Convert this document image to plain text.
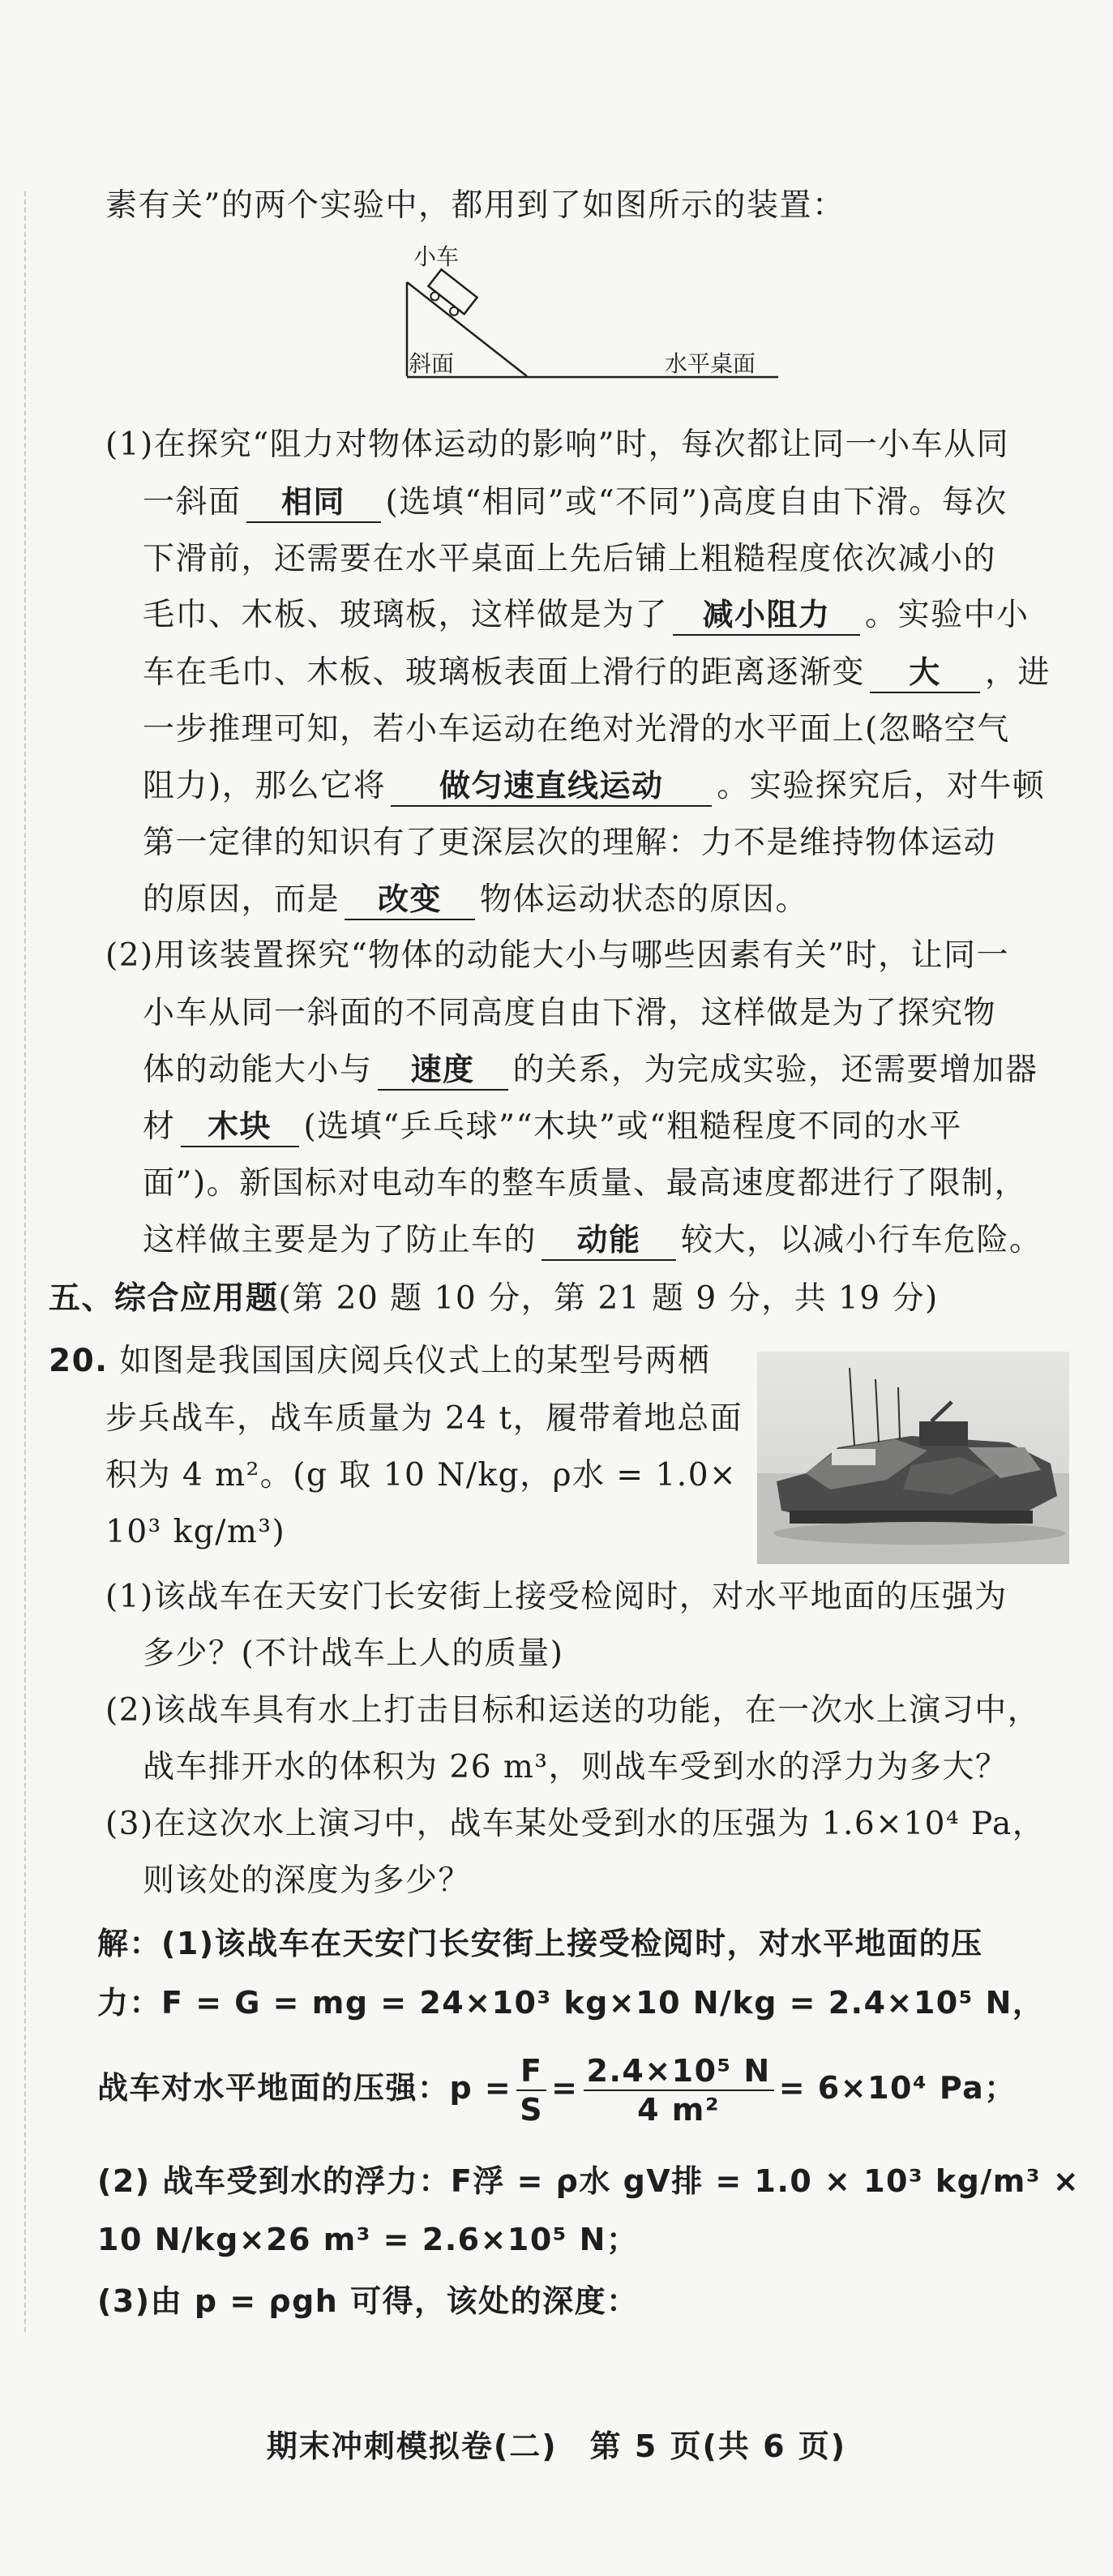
素有关”的两个实验中，都用到了如图所示的装置：
小车
斜面	水平桌面
(1)在探究“阻力对物体运动的影响”时，每次都让同一小车从同
一斜面 相同 (选填“相同”或“不同”)高度自由下滑。每次
下滑前，还需要在水平桌面上先后铺上粗糙程度依次减小的
毛巾、木板、玻璃板，这样做是为了 减小阻力 。实验中小
车在毛巾、木板、玻璃板表面上滑行的距离逐渐变 大 ，进
一步推理可知，若小车运动在绝对光滑的水平面上(忽略空气
阻力)，那么它将 做匀速直线运动 。实验探究后，对牛顿
第一定律的知识有了更深层次的理解：力不是维持物体运动
的原因，而是 改变 物体运动状态的原因。
(2)用该装置探究“物体的动能大小与哪些因素有关”时，让同一
小车从同一斜面的不同高度自由下滑，这样做是为了探究物
体的动能大小与 速度 的关系，为完成实验，还需要增加器
材 木块 (选填“乒乓球”“木块”或“粗糙程度不同的水平
面”)。新国标对电动车的整车质量、最高速度都进行了限制，
这样做主要是为了防止车的 动能 较大，以减小行车危险。
五、综合应用题(第 20 题 10 分，第 21 题 9 分，共 19 分)
20. 如图是我国国庆阅兵仪式上的某型号两栖
步兵战车，战车质量为 24 t，履带着地总面
积为 4 m²。(g 取 10 N/kg，ρ水 = 1.0×
10³ kg/m³)
(1)该战车在天安门长安街上接受检阅时，对水平地面的压强为
多少？(不计战车上人的质量)
(2)该战车具有水上打击目标和运送的功能，在一次水上演习中，
战车排开水的体积为 26 m³，则战车受到水的浮力为多大？
(3)在这次水上演习中，战车某处受到水的压强为 1.6×10⁴ Pa，
则该处的深度为多少？
解：(1)该战车在天安门长安街上接受检阅时，对水平地面的压
力：F = G = mg = 24×10³ kg×10 N/kg = 2.4×10⁵ N，
战车对水平地面的压强：$p = \frac{F}{S} = \frac{\text{2.4×10⁵ N}}{\text{4 m²}} = 6\times 10^4$ Pa；
(2) 战车受到水的浮力：F浮 = ρ水 gV排 = 1.0 × 10³ kg/m³ ×
10 N/kg×26 m³ = 2.6×10⁵ N；
(3)由 p = ρgh 可得，该处的深度：
期末冲刺模拟卷(二)　第 5 页(共 6 页)
